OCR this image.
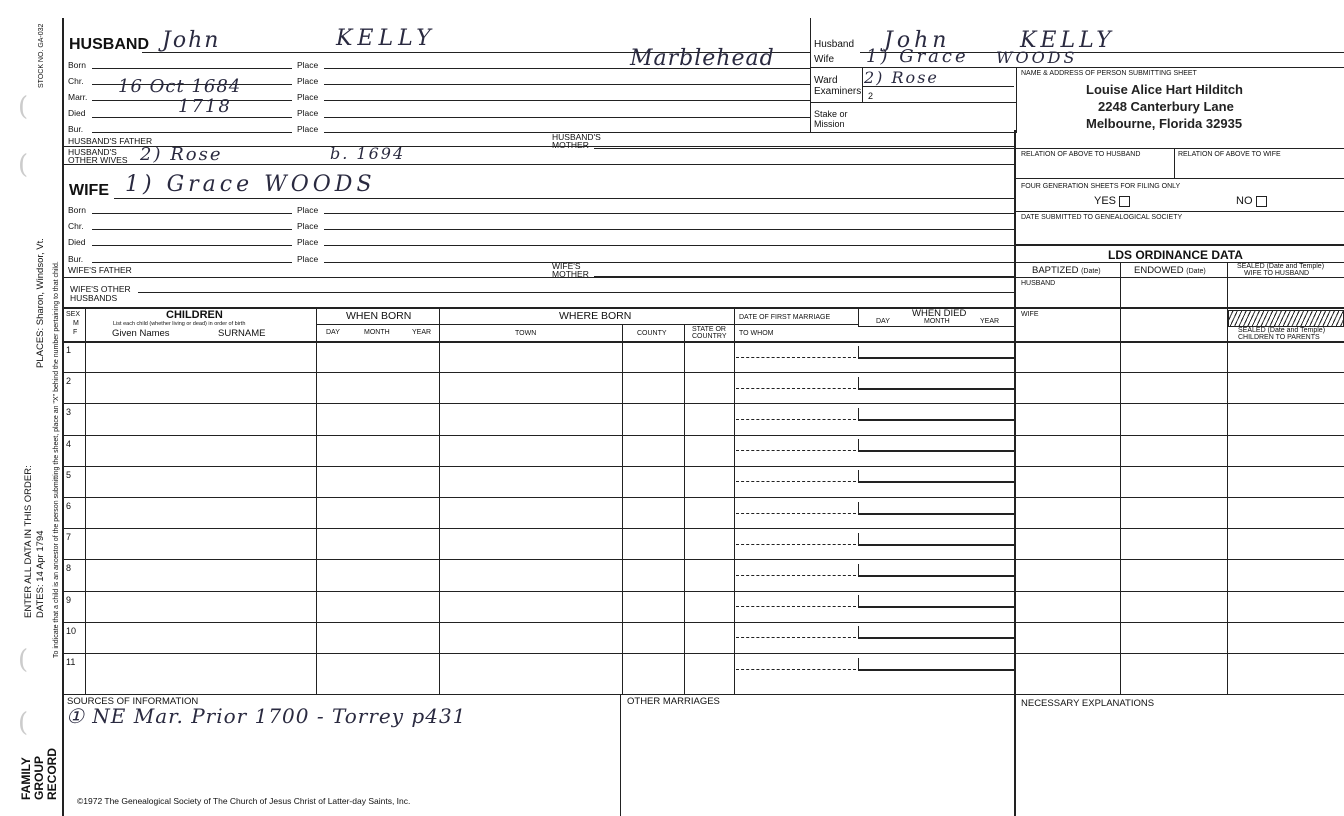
STOCK NO. GA-032
PLACES: Sharon, Windsor, Vt. To indicate that a child is an ancestor of the person submitting the sheet, place an "X" behind the number pertaining to that child.
ENTER ALL DATA IN THIS ORDER: DATES: 14 Apr 1794
FAMILY GROUP RECORD
(
(
(
(
HUSBAND John	KELLY
Born	Place	Marblehead
Chr.	Place
Marr. 16 Oct 1684	Place
Died	1718	Place
Bur.	Place
HUSBAND'S FATHER	HUSBAND'S
MOTHER
HUSBAND'S
OTHER WIVES 2) Rose	b. 1694
WIFE 1) Grace WOODS
Born	Place
Chr.	Place
Died	Place
Bur.	Place
WIFE'S FATHER	WIFE'S
MOTHER
WIFE'S OTHER
HUSBANDS
Husband John	KELLY
Wife 1) Grace WOODS
Ward 2) Rose
Examiners 2
Stake or
Mission
NAME & ADDRESS OF PERSON SUBMITTING SHEET
Louise Alice Hart Hilditch
2248 Canterbury Lane
Melbourne, Florida 32935
RELATION OF ABOVE TO HUSBAND	RELATION OF ABOVE TO WIFE
FOUR GENERATION SHEETS FOR FILING ONLY
YES	NO
DATE SUBMITTED TO GENEALOGICAL SOCIETY
LDS ORDINANCE DATA
BAPTIZED (Date)	ENDOWED (Date)
SEALED (Date and Temple)
WIFE TO HUSBAND
HUSBAND
WIFE
SEALED (Date and Temple)
CHILDREN TO PARENTS
SEX
M
F
CHILDREN
List each child (whether living or dead) in order of birth
Given Names	SURNAME
WHEN BORN
DAY	MONTH	YEAR
WHERE BORN
TOWN	COUNTY
STATE OR
COUNTRY
DATE OF FIRST MARRIAGE
TO WHOM
WHEN DIED
DAY	MONTH	YEAR
1
2
3
4
5
6
7
8
9
10
11
SOURCES OF INFORMATION
① NE Mar. Prior 1700 - Torrey p431
©1972 The Genealogical Society of The Church of Jesus Christ of Latter-day Saints, Inc.
OTHER MARRIAGES	NECESSARY EXPLANATIONS
